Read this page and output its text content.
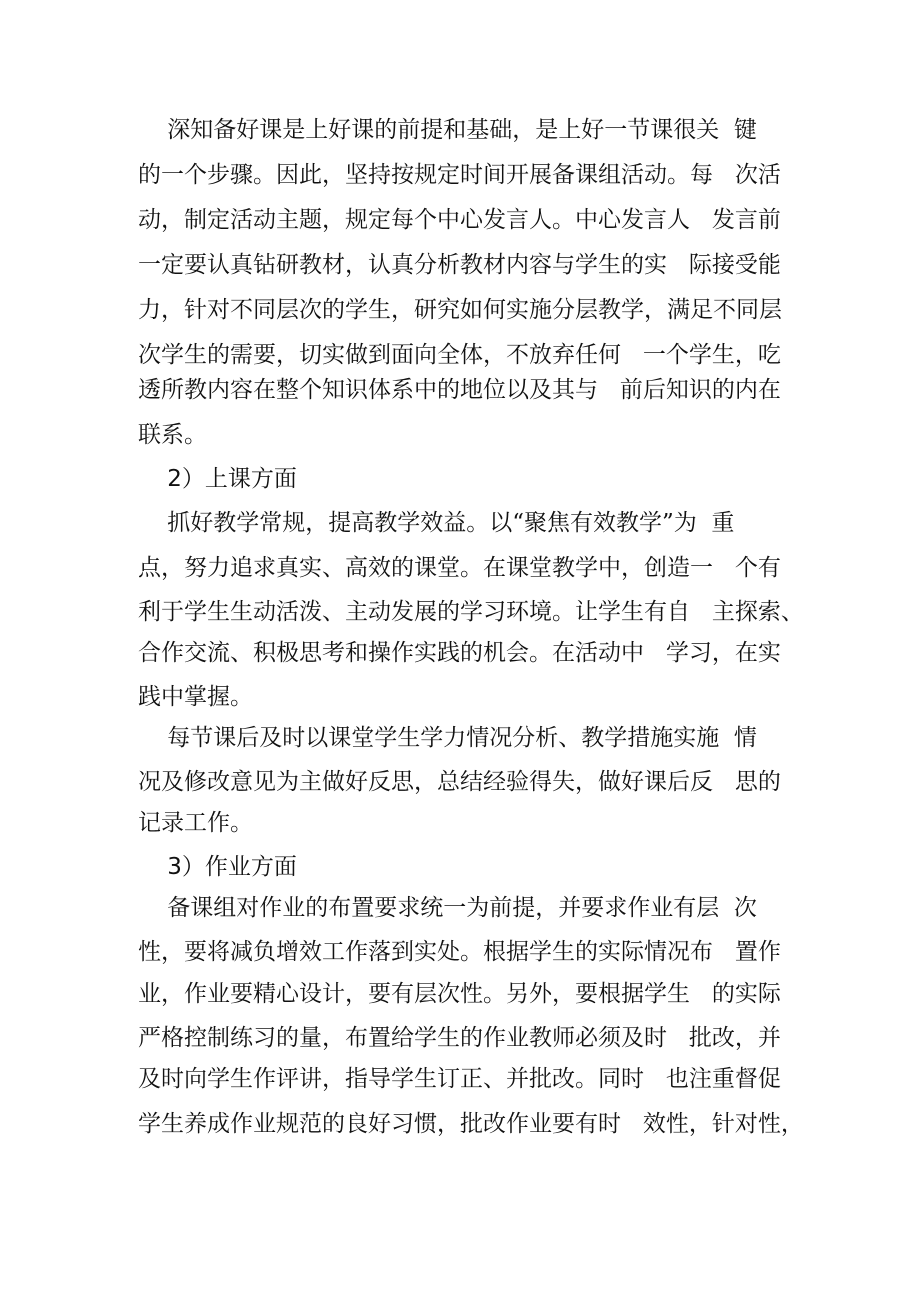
深知备好课是上好课的前提和基础，是上好一节课很关  键
的一个步骤。因此，坚持按规定时间开展备课组活动。每   次活
动，制定活动主题，规定每个中心发言人。中心发言人   发言前
一定要认真钻研教材，认真分析教材内容与学生的实   际接受能
力，针对不同层次的学生，研究如何实施分层教学，满足不同层
次学生的需要，切实做到面向全体，不放弃任何   一个学生，吃
透所教内容在整个知识体系中的地位以及其与   前后知识的内在
联系。
2）上课方面
抓好教学常规，提高教学效益。以“聚焦有效教学”为  重
点，努力追求真实、高效的课堂。在课堂教学中，创造一   个有
利于学生生动活泼、主动发展的学习环境。让学生有自   主探索、
合作交流、积极思考和操作实践的机会。在活动中   学习，在实
践中掌握。
每节课后及时以课堂学生学力情况分析、教学措施实施  情
况及修改意见为主做好反思，总结经验得失，做好课后反   思的
记录工作。
3）作业方面
备课组对作业的布置要求统一为前提，并要求作业有层  次
性，要将减负增效工作落到实处。根据学生的实际情况布   置作
业，作业要精心设计，要有层次性。另外，要根据学生   的实际
严格控制练习的量，布置给学生的作业教师必须及时   批改，并
及时向学生作评讲，指导学生订正、并批改。同时   也注重督促
学生养成作业规范的良好习惯，批改作业要有时   效性，针对性，
